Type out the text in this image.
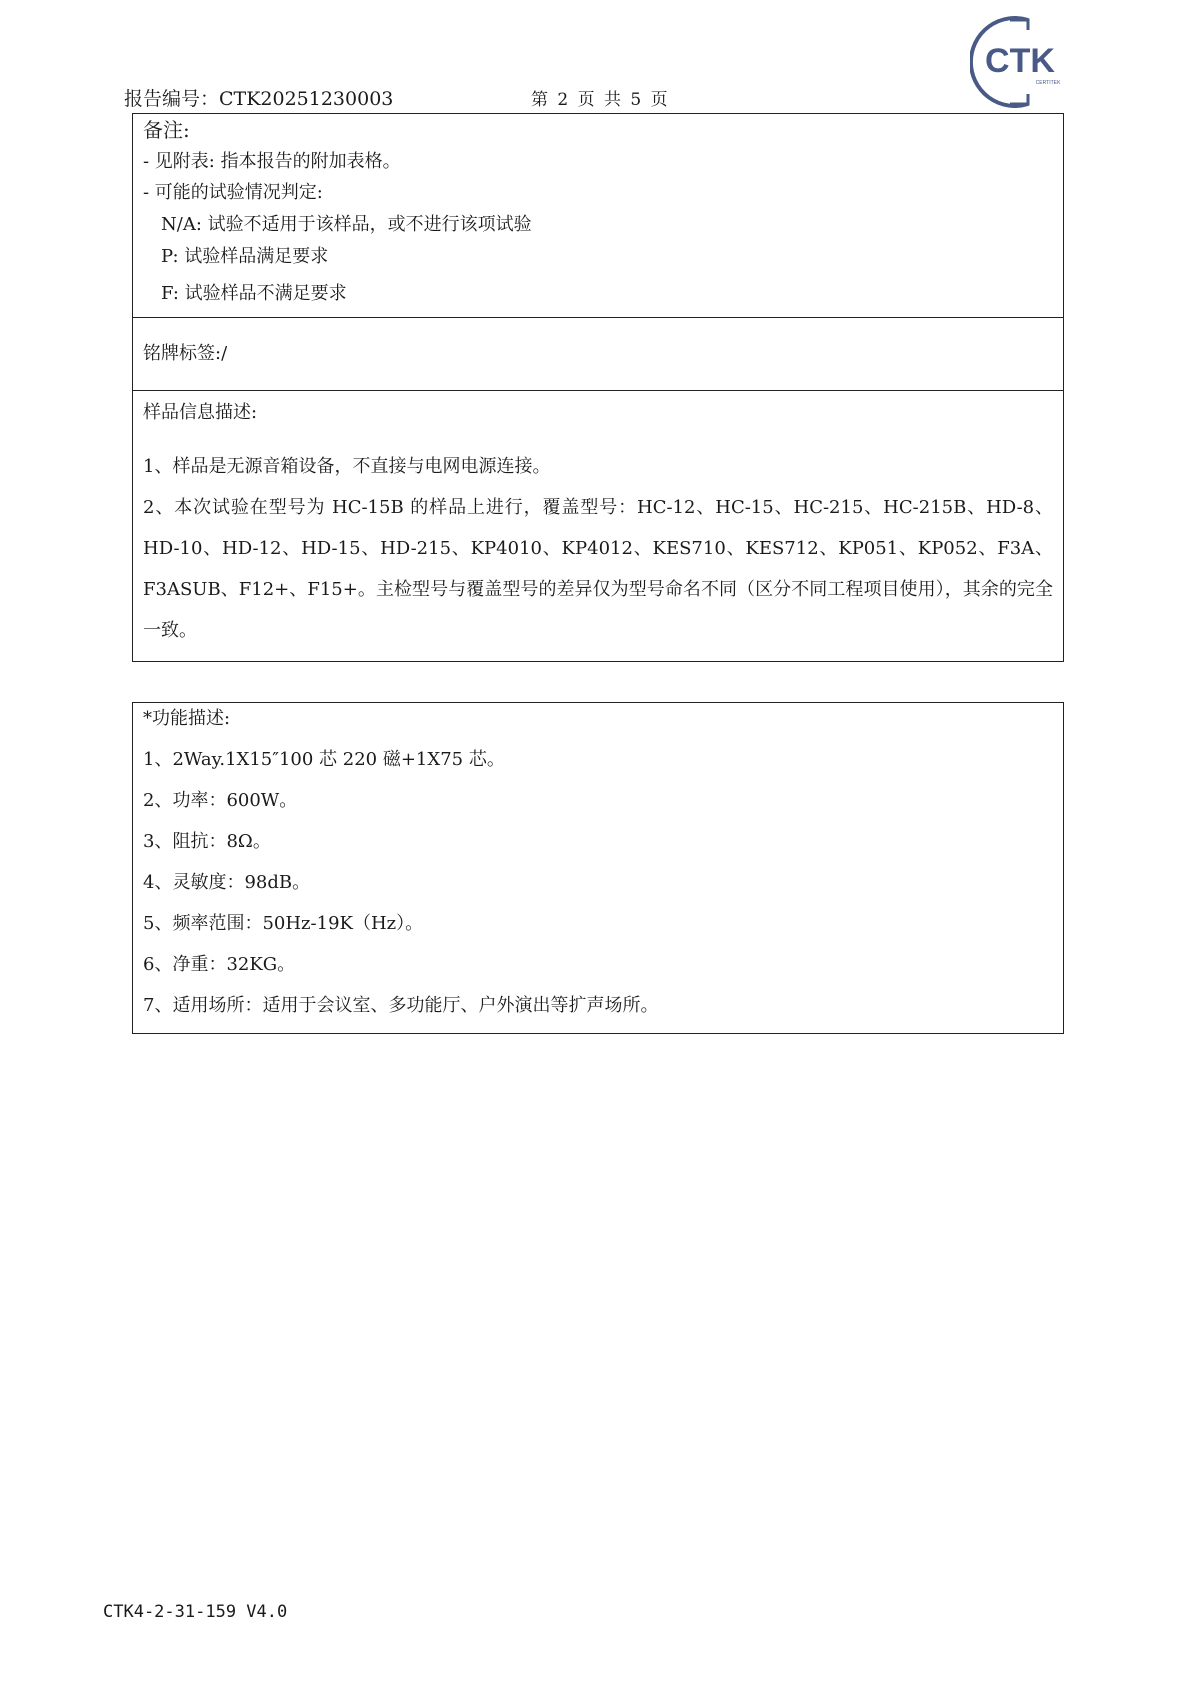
CTK
CERTITEK
报告编号：CTK20251230003	第 2 页 共 5 页
备注:
- 见附表: 指本报告的附加表格。
- 可能的试验情况判定:
N/A: 试验不适用于该样品，或不进行该项试验
P: 试验样品满足要求
F: 试验样品不满足要求
铭牌标签:/
样品信息描述:
1、样品是无源音箱设备，不直接与电网电源连接。
2、本次试验在型号为 HC-15B 的样品上进行，覆盖型号：HC-12、HC-15、HC-215、HC-215B、HD-8、HD-10、HD-12、HD-15、HD-215、KP4010、KP4012、KES710、KES712、KP051、KP052、F3A、F3ASUB、F12+、F15+。主检型号与覆盖型号的差异仅为型号命名不同（区分不同工程项目使用），其余的完全一致。
*功能描述:
1、2Way.1X15″100 芯 220 磁+1X75 芯。
2、功率：600W。
3、阻抗：8Ω。
4、灵敏度：98dB。
5、频率范围：50Hz-19K（Hz）。
6、净重：32KG。
7、适用场所：适用于会议室、多功能厅、户外演出等扩声场所。
CTK4-2-31-159 V4.0
